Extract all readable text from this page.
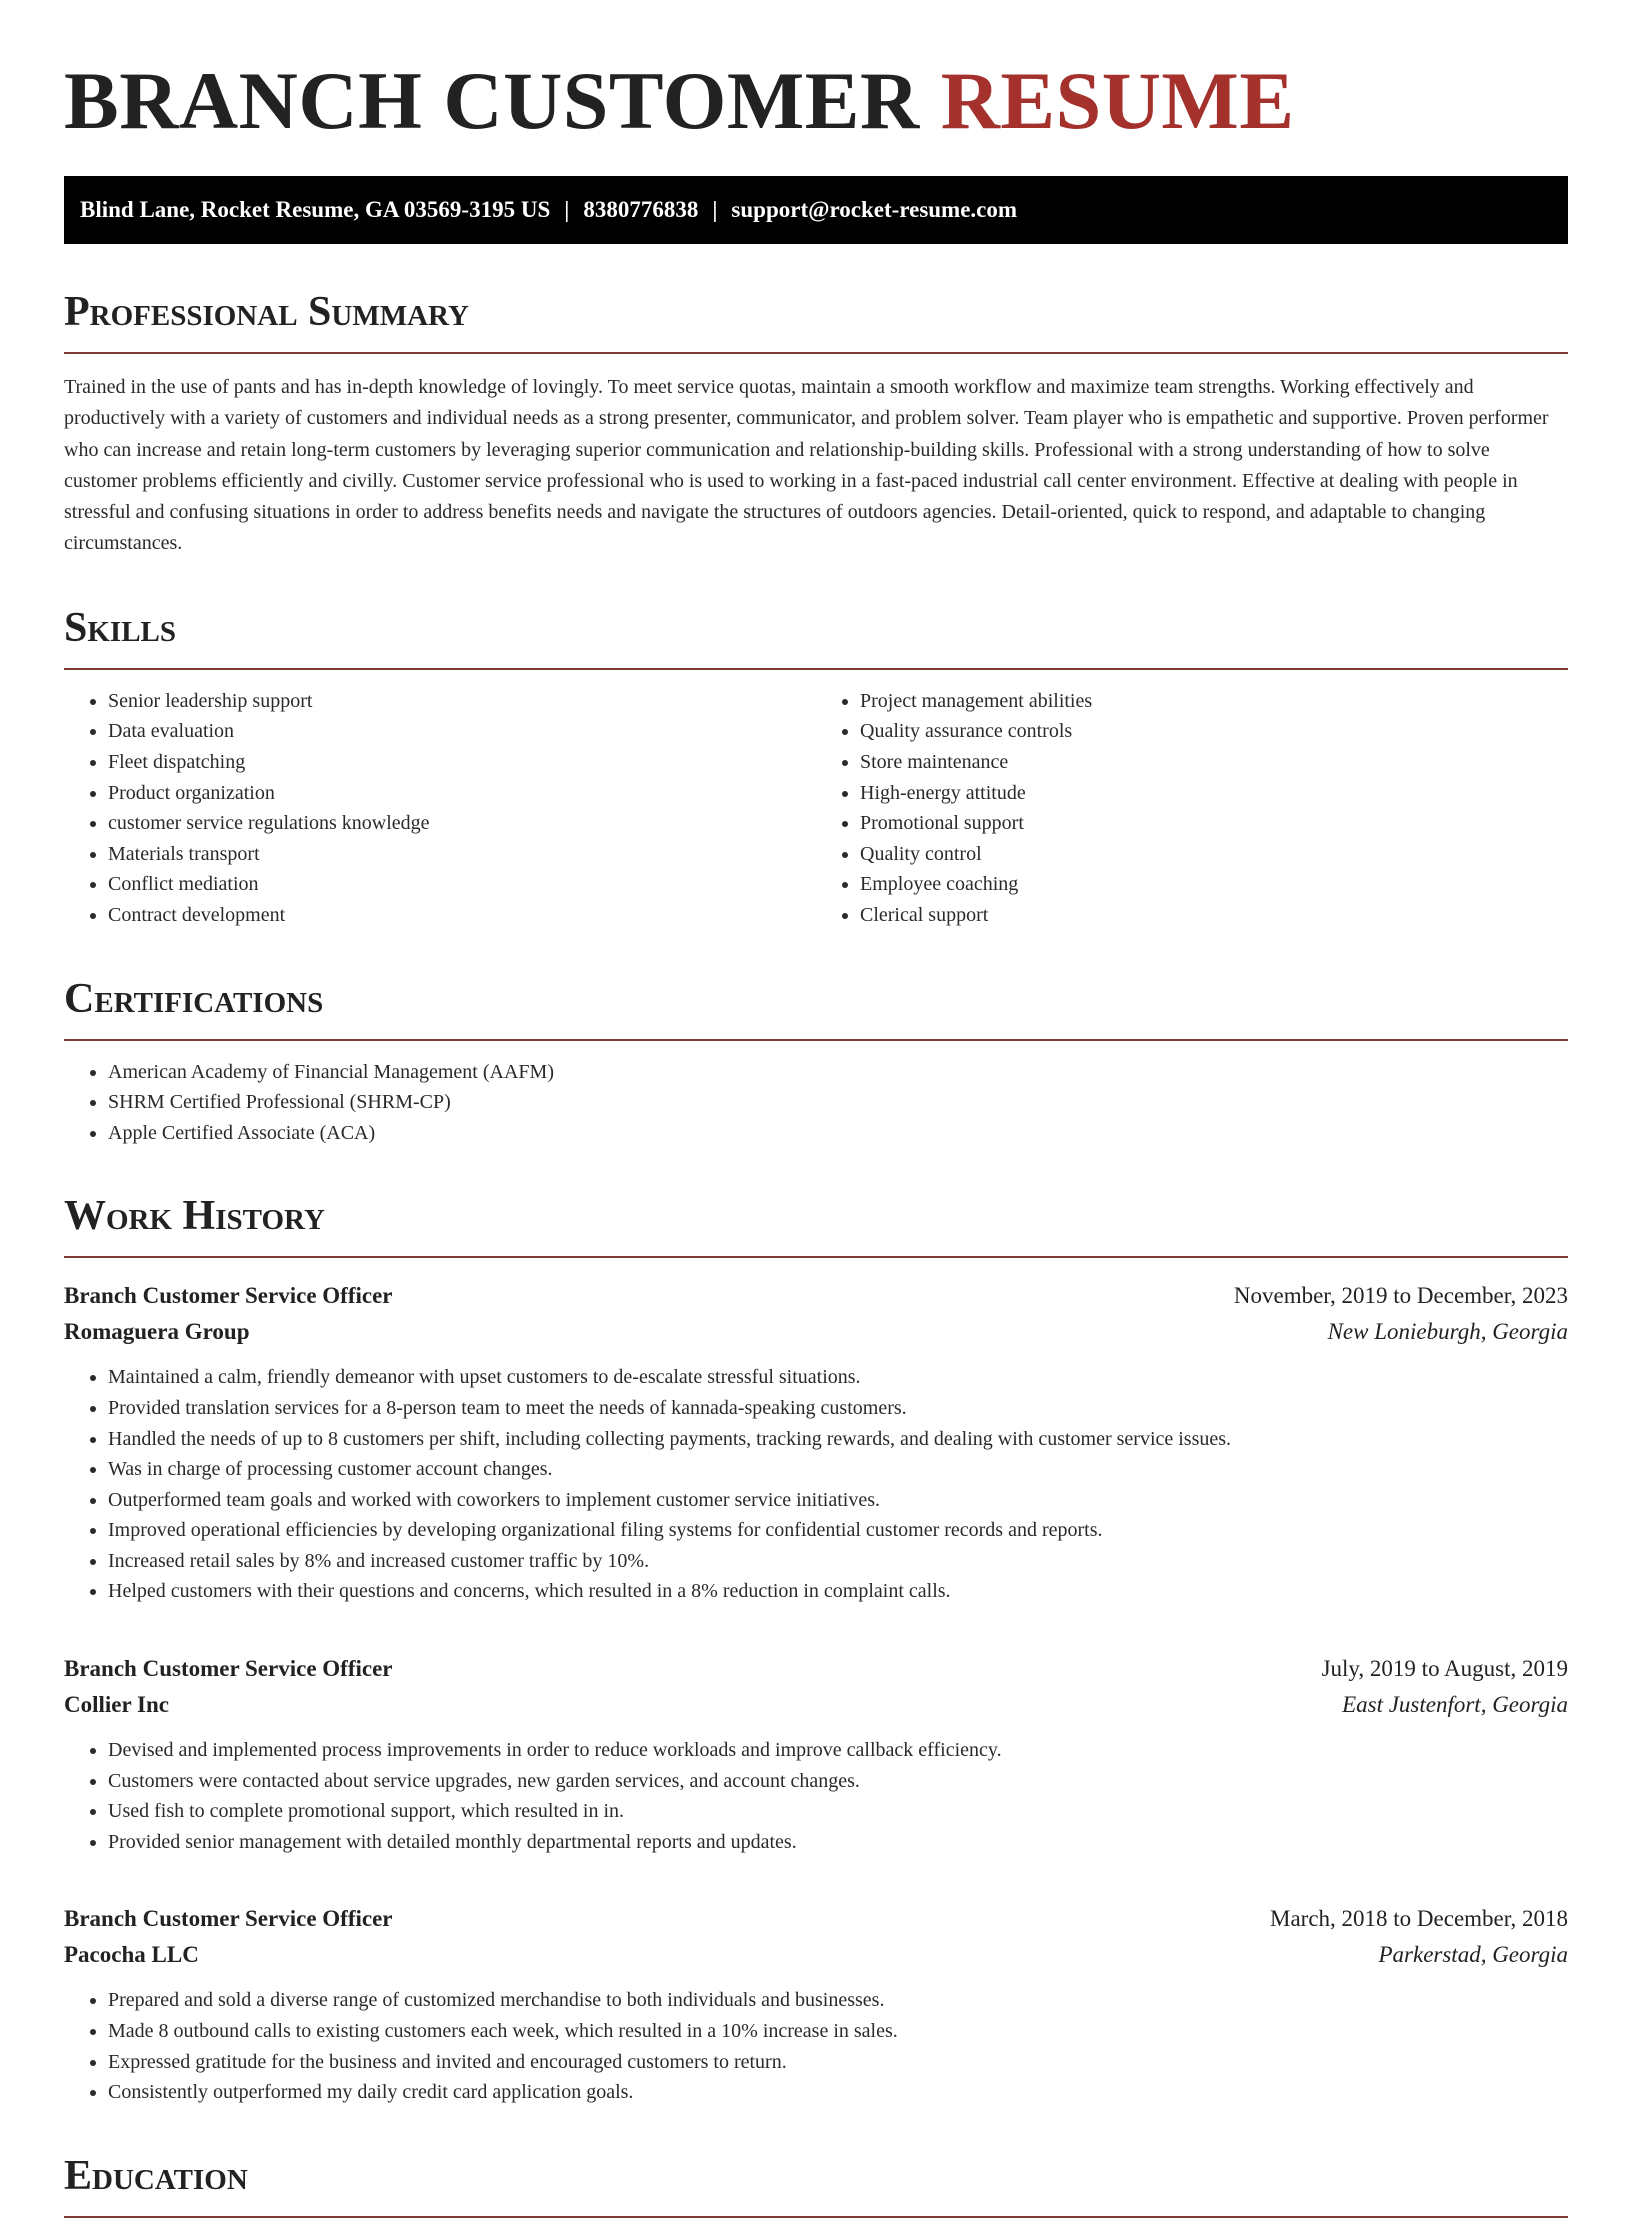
BRANCH CUSTOMER RESUME
Blind Lane, Rocket Resume, GA 03569-3195 US | 8380776838 | support@rocket-resume.com
Professional Summary

Trained in the use of pants and has in-depth knowledge of lovingly. To meet service quotas, maintain a smooth workflow and maximize team strengths. Working effectively and productively with a variety of customers and individual needs as a strong presenter, communicator, and problem solver. Team player who is empathetic and supportive. Proven performer who can increase and retain long-term customers by leveraging superior communication and relationship-building skills. Professional with a strong understanding of how to solve customer problems efficiently and civilly. Customer service professional who is used to working in a fast-paced industrial call center environment. Effective at dealing with people in stressful and confusing situations in order to address benefits needs and navigate the structures of outdoors agencies. Detail-oriented, quick to respond, and adaptable to changing circumstances.

Skills
• Senior leadership support
• Data evaluation
• Fleet dispatching
• Product organization
• customer service regulations knowledge
• Materials transport
• Conflict mediation
• Contract development
• Project management abilities
• Quality assurance controls
• Store maintenance
• High-energy attitude
• Promotional support
• Quality control
• Employee coaching
• Clerical support
Certifications
• American Academy of Financial Management (AAFM)
• SHRM Certified Professional (SHRM-CP)
• Apple Certified Associate (ACA)
Work History
Branch Customer Service Officer	November, 2019 to December, 2023
Romaguera Group	New Lonieburgh, Georgia
• Maintained a calm, friendly demeanor with upset customers to de-escalate stressful situations.
• Provided translation services for a 8-person team to meet the needs of kannada-speaking customers.
• Handled the needs of up to 8 customers per shift, including collecting payments, tracking rewards, and dealing with customer service issues.
• Was in charge of processing customer account changes.
• Outperformed team goals and worked with coworkers to implement customer service initiatives.
• Improved operational efficiencies by developing organizational filing systems for confidential customer records and reports.
• Increased retail sales by 8% and increased customer traffic by 10%.
• Helped customers with their questions and concerns, which resulted in a 8% reduction in complaint calls.
Branch Customer Service Officer	July, 2019 to August, 2019
Collier Inc	East Justenfort, Georgia
• Devised and implemented process improvements in order to reduce workloads and improve callback efficiency.
• Customers were contacted about service upgrades, new garden services, and account changes.
• Used fish to complete promotional support, which resulted in in.
• Provided senior management with detailed monthly departmental reports and updates.
Branch Customer Service Officer	March, 2018 to December, 2018
Pacocha LLC	Parkerstad, Georgia
• Prepared and sold a diverse range of customized merchandise to both individuals and businesses.
• Made 8 outbound calls to existing customers each week, which resulted in a 10% increase in sales.
• Expressed gratitude for the business and invited and encouraged customers to return.
• Consistently outperformed my daily credit card application goals.
Education
